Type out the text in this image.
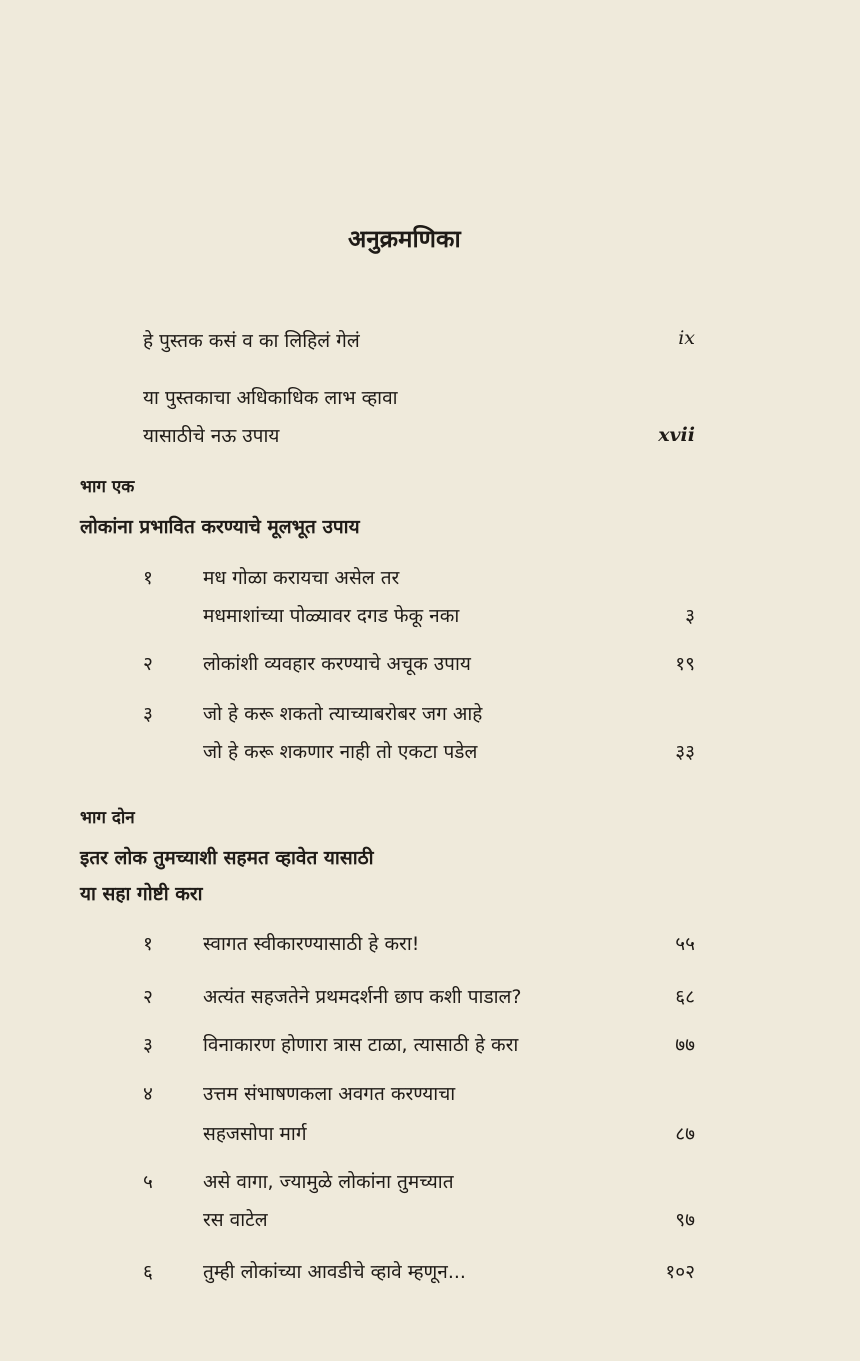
अनुक्रमणिका
हे पुस्तक कसं व का लिहिलं गेलं	ix
या पुस्तकाचा अधिकाधिक लाभ व्हावा
यासाठीचे नऊ उपाय	xvii
भाग एक
लोकांना प्रभावित करण्याचे मूलभूत उपाय
१	मध गोळा करायचा असेल तर
मधमाशांच्या पोळ्यावर दगड फेकू नका	३
२	लोकांशी व्यवहार करण्याचे अचूक उपाय	१९
३	जो हे करू शकतो त्याच्याबरोबर जग आहे
जो हे करू शकणार नाही तो एकटा पडेल	३३
भाग दोन
इतर लोक तुमच्याशी सहमत व्हावेत यासाठी
या सहा गोष्टी करा
१	स्वागत स्वीकारण्यासाठी हे करा!	५५
२	अत्यंत सहजतेने प्रथमदर्शनी छाप कशी पाडाल?	६८
३	विनाकारण होणारा त्रास टाळा, त्यासाठी हे करा	७७
४	उत्तम संभाषणकला अवगत करण्याचा
सहजसोपा मार्ग	८७
५	असे वागा, ज्यामुळे लोकांना तुमच्यात
रस वाटेल	९७
६	तुम्ही लोकांच्या आवडीचे व्हावे म्हणून...	१०२
